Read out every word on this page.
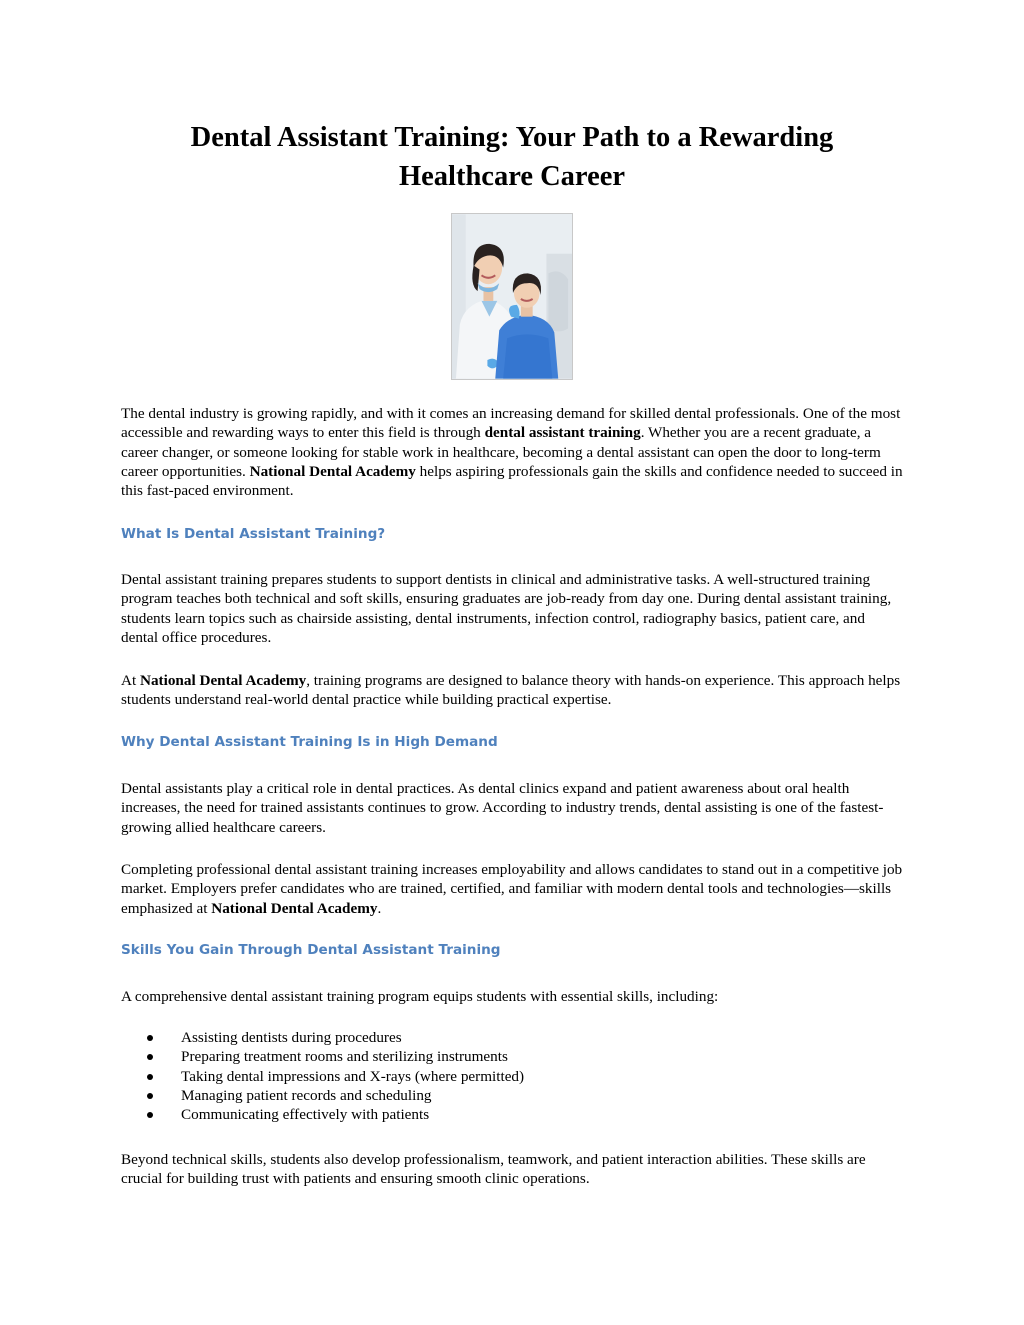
Dental Assistant Training: Your Path to a Rewarding Healthcare Career

The dental industry is growing rapidly, and with it comes an increasing demand for skilled dental professionals. One of the most accessible and rewarding ways to enter this field is through dental assistant training. Whether you are a recent graduate, a career changer, or someone looking for stable work in healthcare, becoming a dental assistant can open the door to long-term career opportunities. National Dental Academy helps aspiring professionals gain the skills and confidence needed to succeed in this fast-paced environment.

What Is Dental Assistant Training?

Dental assistant training prepares students to support dentists in clinical and administrative tasks. A well-structured training program teaches both technical and soft skills, ensuring graduates are job-ready from day one. During dental assistant training, students learn topics such as chairside assisting, dental instruments, infection control, radiography basics, patient care, and dental office procedures.

At National Dental Academy, training programs are designed to balance theory with hands-on experience. This approach helps students understand real-world dental practice while building practical expertise.

Why Dental Assistant Training Is in High Demand

Dental assistants play a critical role in dental practices. As dental clinics expand and patient awareness about oral health increases, the need for trained assistants continues to grow. According to industry trends, dental assisting is one of the fastest-growing allied healthcare careers.

Completing professional dental assistant training increases employability and allows candidates to stand out in a competitive job market. Employers prefer candidates who are trained, certified, and familiar with modern dental tools and technologies—skills emphasized at National Dental Academy.

Skills You Gain Through Dental Assistant Training

A comprehensive dental assistant training program equips students with essential skills, including:

Assisting dentists during procedures
Preparing treatment rooms and sterilizing instruments
Taking dental impressions and X-rays (where permitted)
Managing patient records and scheduling
Communicating effectively with patients

Beyond technical skills, students also develop professionalism, teamwork, and patient interaction abilities. These skills are crucial for building trust with patients and ensuring smooth clinic operations.
